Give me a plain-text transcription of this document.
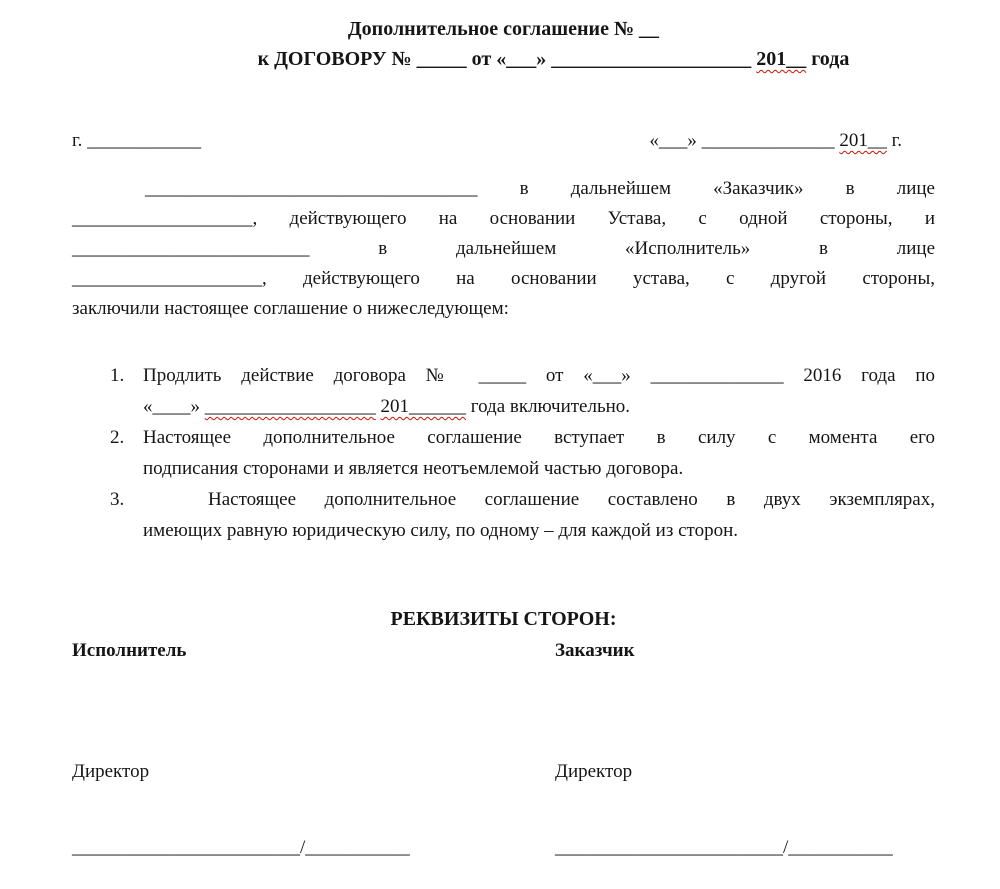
Дополнительное соглашение № __
к ДОГОВОРУ № _____ от «___» ____________________ 201__ года
г. ____________	«___» ______________ 201__ г.
___________________________________ в дальнейшем «Заказчик» в лице
___________________, действующего на основании Устава, с одной стороны, и
_________________________ в дальнейшем «Исполнитель» в лице
____________________, действующего на основании устава, с другой стороны,
заключили настоящее соглашение о нижеследующем:
1. Продлить действие договора № _____ от «___» ______________ 2016 года по
«____» __________________ 201______ года включительно.
2. Настоящее дополнительное соглашение вступает в силу с момента его
подписания сторонами и является неотъемлемой частью договора.
3.	Настоящее дополнительное соглашение составлено в двух экземплярах,
имеющих равную юридическую силу, по одному – для каждой из сторон.
РЕКВИЗИТЫ СТОРОН:
Исполнитель	Заказчик
Директор	Директор
________________________/___________	________________________/___________
